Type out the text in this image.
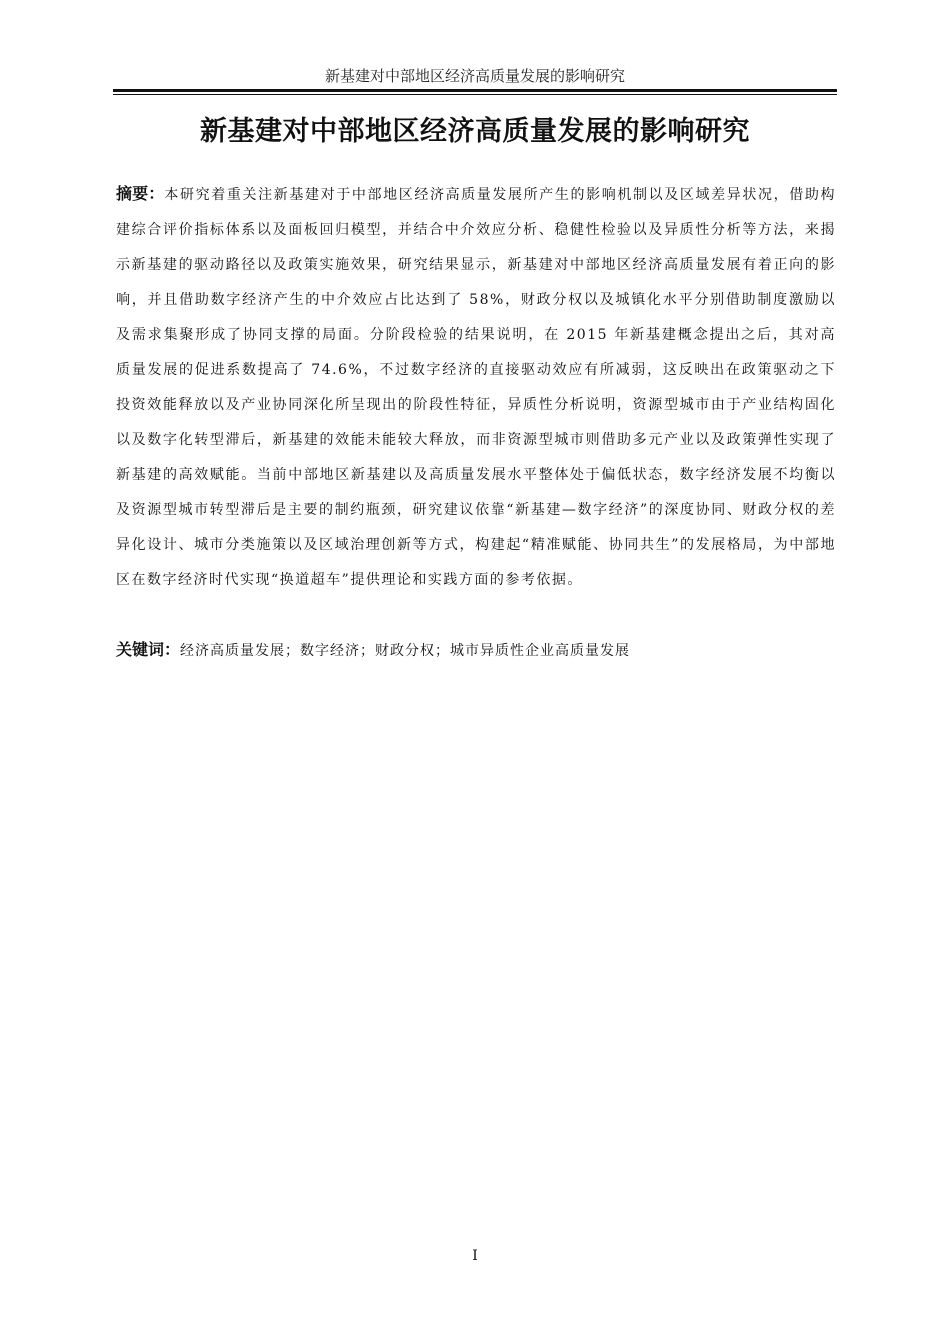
新基建对中部地区经济高质量发展的影响研究
新基建对中部地区经济高质量发展的影响研究

摘要：本研究着重关注新基建对于中部地区经济高质量发展所产生的影响机制以及区域差异状况，借助构建综合评价指标体系以及面板回归模型，并结合中介效应分析、稳健性检验以及异质性分析等方法，来揭示新基建的驱动路径以及政策实施效果，研究结果显示，新基建对中部地区经济高质量发展有着正向的影响，并且借助数字经济产生的中介效应占比达到了 58%，财政分权以及城镇化水平分别借助制度激励以及需求集聚形成了协同支撑的局面。分阶段检验的结果说明，在 2015 年新基建概念提出之后，其对高质量发展的促进系数提高了 74.6%，不过数字经济的直接驱动效应有所减弱，这反映出在政策驱动之下投资效能释放以及产业协同深化所呈现出的阶段性特征，异质性分析说明，资源型城市由于产业结构固化以及数字化转型滞后，新基建的效能未能较大释放，而非资源型城市则借助多元产业以及政策弹性实现了新基建的高效赋能。当前中部地区新基建以及高质量发展水平整体处于偏低状态，数字经济发展不均衡以及资源型城市转型滞后是主要的制约瓶颈，研究建议依靠“新基建—数字经济”的深度协同、财政分权的差异化设计、城市分类施策以及区域治理创新等方式，构建起“精准赋能、协同共生”的发展格局，为中部地区在数字经济时代实现“换道超车”提供理论和实践方面的参考依据。

关键词：经济高质量发展；数字经济；财政分权；城市异质性企业高质量发展

I
